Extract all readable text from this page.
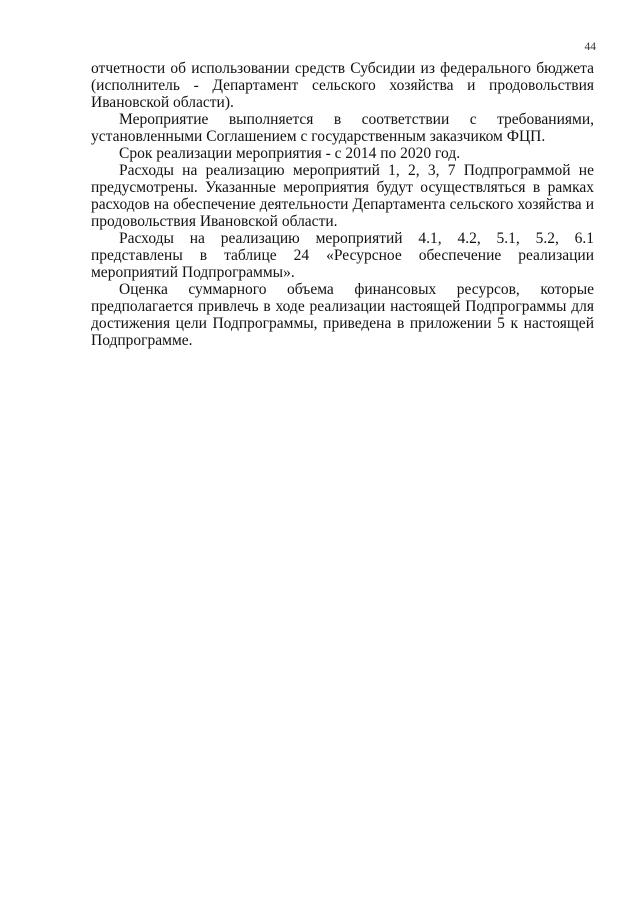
44

отчетности об использовании средств Субсидии из федерального бюджета (исполнитель - Департамент сельского хозяйства и продовольствия Ивановской области).

Мероприятие выполняется в соответствии с требованиями, установленными Соглашением с государственным заказчиком ФЦП.

Срок реализации мероприятия - с 2014 по 2020 год.

Расходы на реализацию мероприятий 1, 2, 3, 7 Подпрограммой не предусмотрены. Указанные мероприятия будут осуществляться в рамках расходов на обеспечение деятельности Департамента сельского хозяйства и продовольствия Ивановской области.

Расходы на реализацию мероприятий 4.1, 4.2, 5.1, 5.2, 6.1 представлены в таблице 24 «Ресурсное обеспечение реализации мероприятий Подпрограммы».

Оценка суммарного объема финансовых ресурсов, которые предполагается привлечь в ходе реализации настоящей Подпрограммы для достижения цели Подпрограммы, приведена в приложении 5 к настоящей Подпрограмме.
